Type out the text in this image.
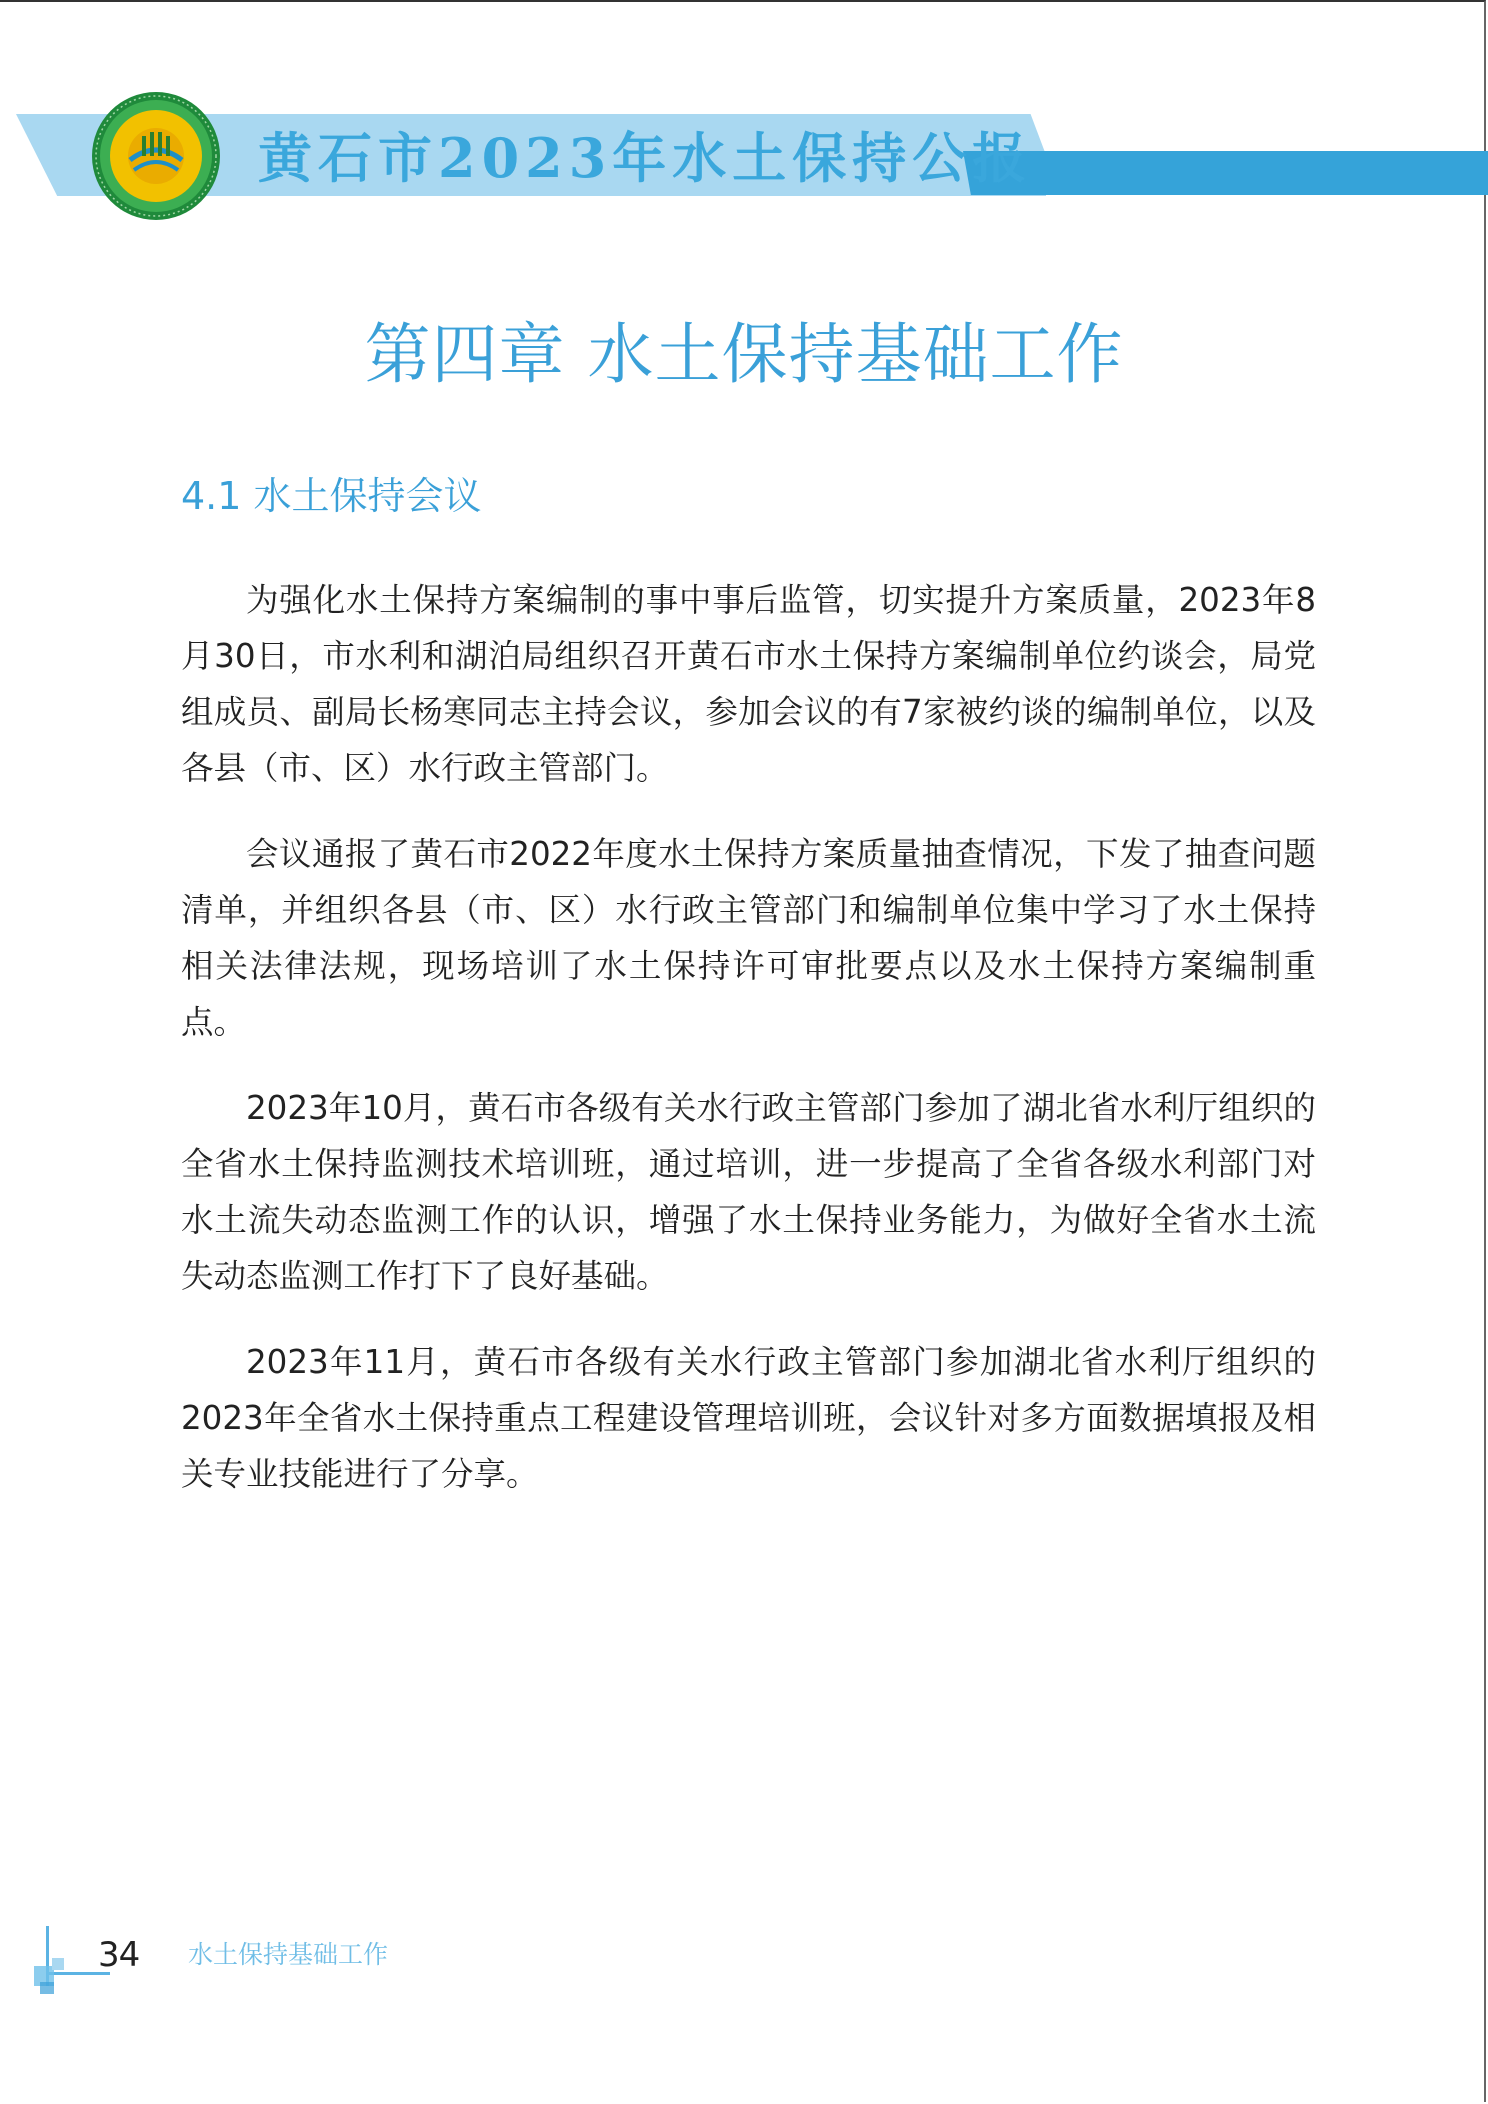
黄石市2023年水土保持公报
第四章 水土保持基础工作
4.1 水土保持会议

为强化水土保持方案编制的事中事后监管，切实提升方案质量，2023年8月30日，市水利和湖泊局组织召开黄石市水土保持方案编制单位约谈会，局党组成员、副局长杨寒同志主持会议，参加会议的有7家被约谈的编制单位，以及各县（市、区）水行政主管部门。

会议通报了黄石市2022年度水土保持方案质量抽查情况，下发了抽查问题清单，并组织各县（市、区）水行政主管部门和编制单位集中学习了水土保持相关法律法规，现场培训了水土保持许可审批要点以及水土保持方案编制重点。

2023年10月，黄石市各级有关水行政主管部门参加了湖北省水利厅组织的全省水土保持监测技术培训班，通过培训，进一步提高了全省各级水利部门对水土流失动态监测工作的认识，增强了水土保持业务能力，为做好全省水土流失动态监测工作打下了良好基础。

2023年11月，黄石市各级有关水行政主管部门参加湖北省水利厅组织的2023年全省水土保持重点工程建设管理培训班，会议针对多方面数据填报及相关专业技能进行了分享。

34 水土保持基础工作
